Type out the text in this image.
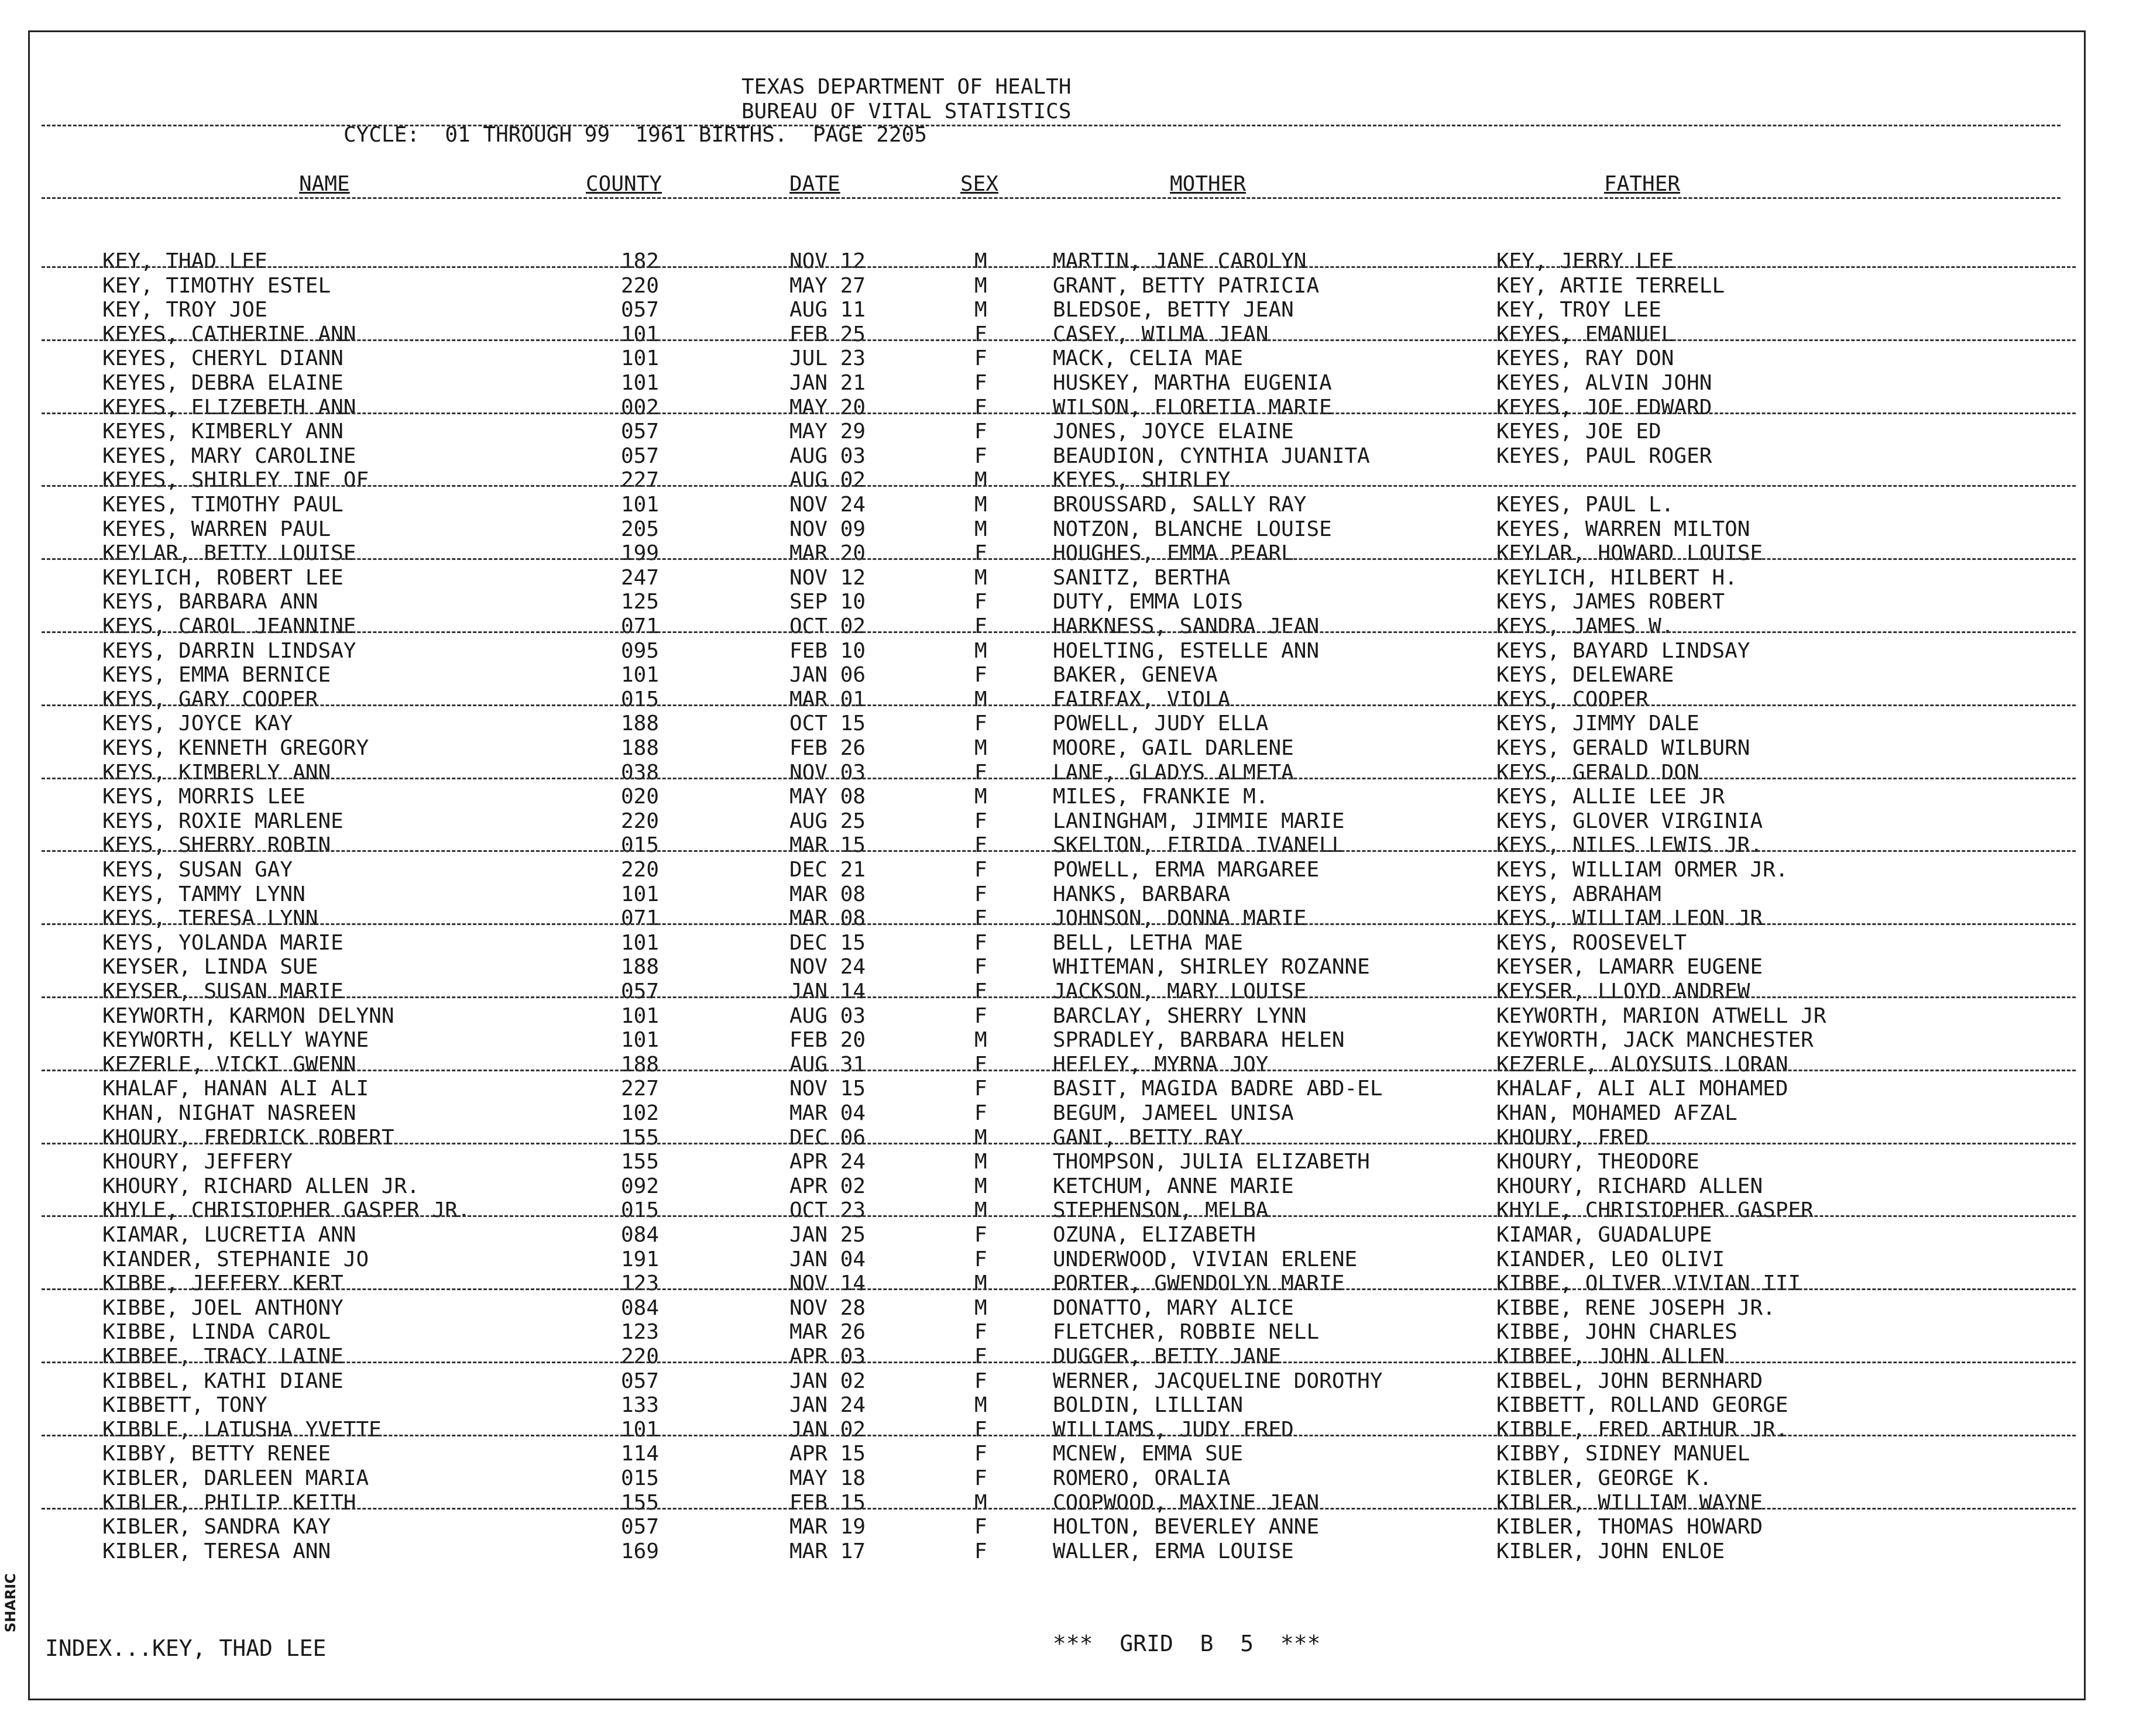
TEXAS DEPARTMENT OF HEALTH
BUREAU OF VITAL STATISTICS
CYCLE:  01 THROUGH 99  1961 BIRTHS.  PAGE 2205
NAME	COUNTY	DATE	SEX	MOTHER	FATHER
KEY, THAD LEE	182	NOV 12	M	MARTIN, JANE CAROLYN	KEY, JERRY LEE
KEY, TIMOTHY ESTEL	220	MAY 27	M	GRANT, BETTY PATRICIA	KEY, ARTIE TERRELL
KEY, TROY JOE	057	AUG 11	M	BLEDSOE, BETTY JEAN	KEY, TROY LEE
KEYES, CATHERINE ANN	101	FEB 25	F	CASEY, WILMA JEAN	KEYES, EMANUEL
KEYES, CHERYL DIANN	101	JUL 23	F	MACK, CELIA MAE	KEYES, RAY DON
KEYES, DEBRA ELAINE	101	JAN 21	F	HUSKEY, MARTHA EUGENIA	KEYES, ALVIN JOHN
KEYES, ELIZEBETH ANN	002	MAY 20	F	WILSON, FLORETIA MARIE	KEYES, JOE EDWARD
KEYES, KIMBERLY ANN	057	MAY 29	F	JONES, JOYCE ELAINE	KEYES, JOE ED
KEYES, MARY CAROLINE	057	AUG 03	F	BEAUDION, CYNTHIA JUANITA	KEYES, PAUL ROGER
KEYES, SHIRLEY INF OF	227	AUG 02	M	KEYES, SHIRLEY
KEYES, TIMOTHY PAUL	101	NOV 24	M	BROUSSARD, SALLY RAY	KEYES, PAUL L.
KEYES, WARREN PAUL	205	NOV 09	M	NOTZON, BLANCHE LOUISE	KEYES, WARREN MILTON
KEYLAR, BETTY LOUISE	199	MAR 20	F	HOUGHES, EMMA PEARL	KEYLAR, HOWARD LOUISE
KEYLICH, ROBERT LEE	247	NOV 12	M	SANITZ, BERTHA	KEYLICH, HILBERT H.
KEYS, BARBARA ANN	125	SEP 10	F	DUTY, EMMA LOIS	KEYS, JAMES ROBERT
KEYS, CAROL JEANNINE	071	OCT 02	F	HARKNESS, SANDRA JEAN	KEYS, JAMES W.
KEYS, DARRIN LINDSAY	095	FEB 10	M	HOELTING, ESTELLE ANN	KEYS, BAYARD LINDSAY
KEYS, EMMA BERNICE	101	JAN 06	F	BAKER, GENEVA	KEYS, DELEWARE
KEYS, GARY COOPER	015	MAR 01	M	FAIRFAX, VIOLA	KEYS, COOPER
KEYS, JOYCE KAY	188	OCT 15	F	POWELL, JUDY ELLA	KEYS, JIMMY DALE
KEYS, KENNETH GREGORY	188	FEB 26	M	MOORE, GAIL DARLENE	KEYS, GERALD WILBURN
KEYS, KIMBERLY ANN	038	NOV 03	F	LANE, GLADYS ALMETA	KEYS, GERALD DON
KEYS, MORRIS LEE	020	MAY 08	M	MILES, FRANKIE M.	KEYS, ALLIE LEE JR
KEYS, ROXIE MARLENE	220	AUG 25	F	LANINGHAM, JIMMIE MARIE	KEYS, GLOVER VIRGINIA
KEYS, SHERRY ROBIN	015	MAR 15	F	SKELTON, FIRIDA IVANELL	KEYS, NILES LEWIS JR.
KEYS, SUSAN GAY	220	DEC 21	F	POWELL, ERMA MARGAREE	KEYS, WILLIAM ORMER JR.
KEYS, TAMMY LYNN	101	MAR 08	F	HANKS, BARBARA	KEYS, ABRAHAM
KEYS, TERESA LYNN	071	MAR 08	F	JOHNSON, DONNA MARIE	KEYS, WILLIAM LEON JR
KEYS, YOLANDA MARIE	101	DEC 15	F	BELL, LETHA MAE	KEYS, ROOSEVELT
KEYSER, LINDA SUE	188	NOV 24	F	WHITEMAN, SHIRLEY ROZANNE	KEYSER, LAMARR EUGENE
KEYSER, SUSAN MARIE	057	JAN 14	F	JACKSON, MARY LOUISE	KEYSER, LLOYD ANDREW
KEYWORTH, KARMON DELYNN	101	AUG 03	F	BARCLAY, SHERRY LYNN	KEYWORTH, MARION ATWELL JR
KEYWORTH, KELLY WAYNE	101	FEB 20	M	SPRADLEY, BARBARA HELEN	KEYWORTH, JACK MANCHESTER
KEZERLE, VICKI GWENN	188	AUG 31	F	HEFLEY, MYRNA JOY	KEZERLE, ALOYSUIS LORAN
KHALAF, HANAN ALI ALI	227	NOV 15	F	BASIT, MAGIDA BADRE ABD-EL	KHALAF, ALI ALI MOHAMED
KHAN, NIGHAT NASREEN	102	MAR 04	F	BEGUM, JAMEEL UNISA	KHAN, MOHAMED AFZAL
KHOURY, FREDRICK ROBERT	155	DEC 06	M	GANI, BETTY RAY	KHOURY, FRED
KHOURY, JEFFERY	155	APR 24	M	THOMPSON, JULIA ELIZABETH	KHOURY, THEODORE
KHOURY, RICHARD ALLEN JR.	092	APR 02	M	KETCHUM, ANNE MARIE	KHOURY, RICHARD ALLEN
KHYLE, CHRISTOPHER GASPER JR.	015	OCT 23	M	STEPHENSON, MELBA	KHYLE, CHRISTOPHER GASPER
KIAMAR, LUCRETIA ANN	084	JAN 25	F	OZUNA, ELIZABETH	KIAMAR, GUADALUPE
KIANDER, STEPHANIE JO	191	JAN 04	F	UNDERWOOD, VIVIAN ERLENE	KIANDER, LEO OLIVI
KIBBE, JEFFERY KERT	123	NOV 14	M	PORTER, GWENDOLYN MARIE	KIBBE, OLIVER VIVIAN III
KIBBE, JOEL ANTHONY	084	NOV 28	M	DONATTO, MARY ALICE	KIBBE, RENE JOSEPH JR.
KIBBE, LINDA CAROL	123	MAR 26	F	FLETCHER, ROBBIE NELL	KIBBE, JOHN CHARLES
KIBBEE, TRACY LAINE	220	APR 03	F	DUGGER, BETTY JANE	KIBBEE, JOHN ALLEN
KIBBEL, KATHI DIANE	057	JAN 02	F	WERNER, JACQUELINE DOROTHY	KIBBEL, JOHN BERNHARD
KIBBETT, TONY	133	JAN 24	M	BOLDIN, LILLIAN	KIBBETT, ROLLAND GEORGE
KIBBLE, LATUSHA YVETTE	101	JAN 02	F	WILLIAMS, JUDY FRED	KIBBLE, FRED ARTHUR JR.
KIBBY, BETTY RENEE	114	APR 15	F	MCNEW, EMMA SUE	KIBBY, SIDNEY MANUEL
KIBLER, DARLEEN MARIA	015	MAY 18	F	ROMERO, ORALIA	KIBLER, GEORGE K.
KIBLER, PHILIP KEITH	155	FEB 15	M	COOPWOOD, MAXINE JEAN	KIBLER, WILLIAM WAYNE
KIBLER, SANDRA KAY	057	MAR 19	F	HOLTON, BEVERLEY ANNE	KIBLER, THOMAS HOWARD
KIBLER, TERESA ANN	169	MAR 17	F	WALLER, ERMA LOUISE	KIBLER, JOHN ENLOE
INDEX...KEY, THAD LEE	***  GRID  B  5  ***
SHARIC
